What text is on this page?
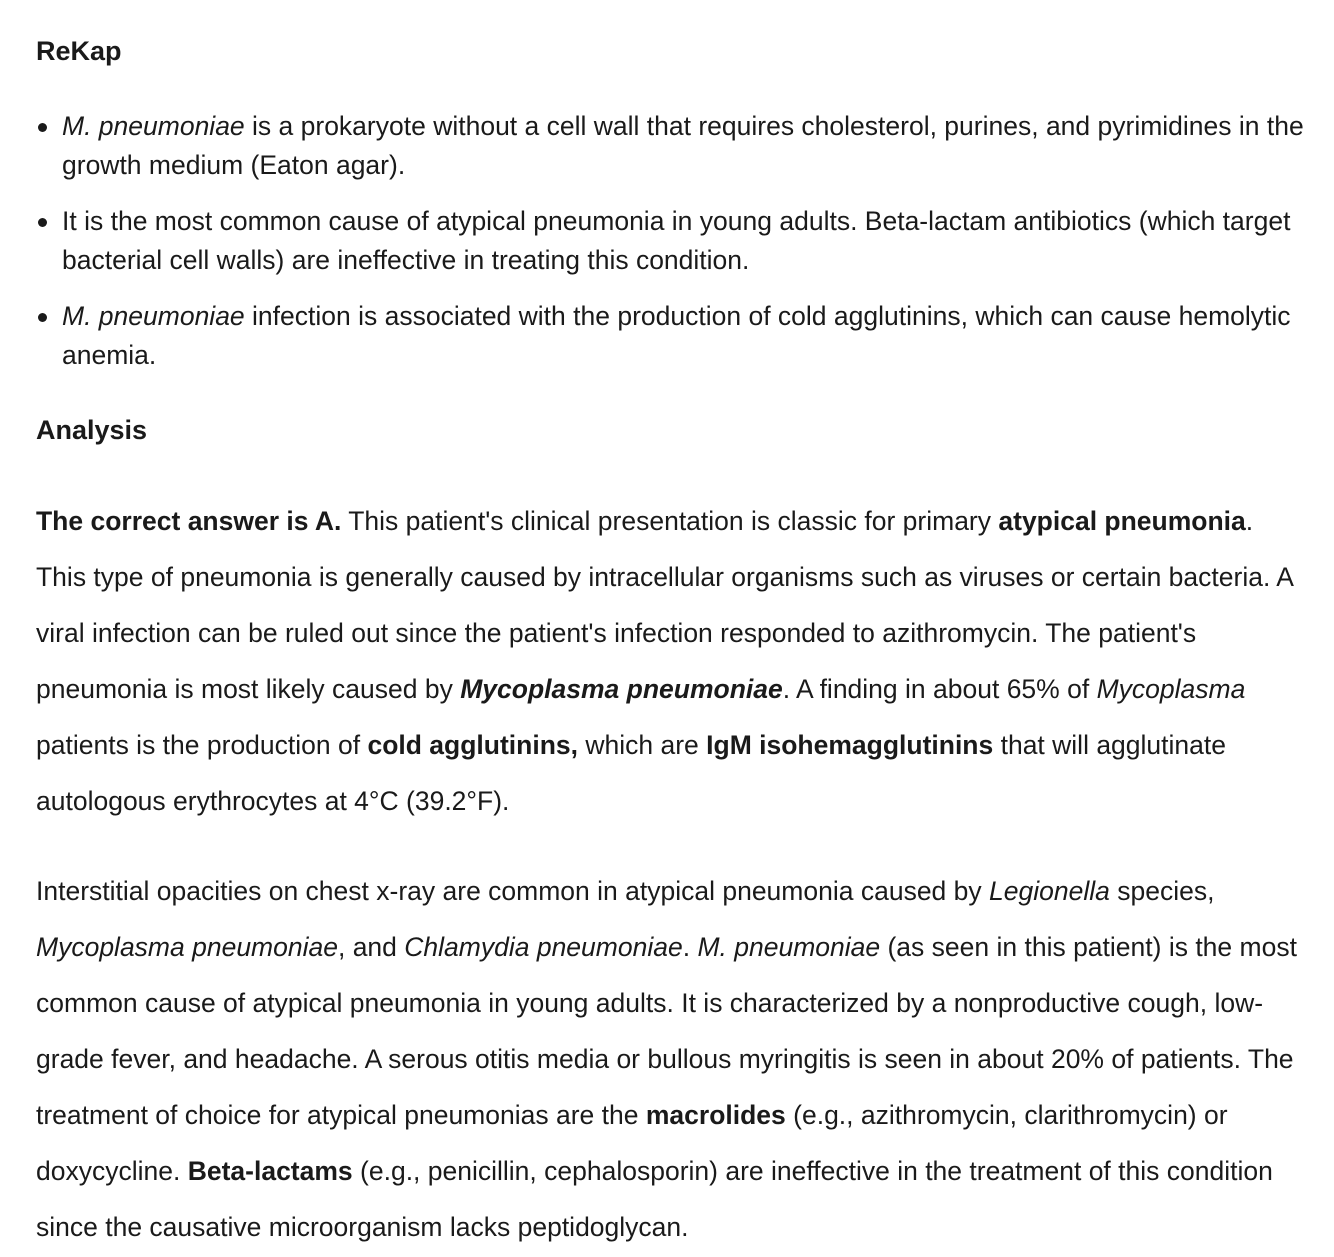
ReKap
M. pneumoniae is a prokaryote without a cell wall that requires cholesterol, purines, and pyrimidines in the growth medium (Eaton agar).
It is the most common cause of atypical pneumonia in young adults. Beta-lactam antibiotics (which target bacterial cell walls) are ineffective in treating this condition.
M. pneumoniae infection is associated with the production of cold agglutinins, which can cause hemolytic anemia.
Analysis

The correct answer is A. This patient's clinical presentation is classic for primary atypical pneumonia. This type of pneumonia is generally caused by intracellular organisms such as viruses or certain bacteria. A viral infection can be ruled out since the patient's infection responded to azithromycin. The patient's pneumonia is most likely caused by Mycoplasma pneumoniae. A finding in about 65% of Mycoplasma patients is the production of cold agglutinins, which are IgM isohemagglutinins that will agglutinate autologous erythrocytes at 4°C (39.2°F).

Interstitial opacities on chest x-ray are common in atypical pneumonia caused by Legionella species, Mycoplasma pneumoniae, and Chlamydia pneumoniae. M. pneumoniae (as seen in this patient) is the most common cause of atypical pneumonia in young adults. It is characterized by a nonproductive cough, low-grade fever, and headache. A serous otitis media or bullous myringitis is seen in about 20% of patients. The treatment of choice for atypical pneumonias are the macrolides (e.g., azithromycin, clarithromycin) or doxycycline. Beta-lactams (e.g., penicillin, cephalosporin) are ineffective in the treatment of this condition since the causative microorganism lacks peptidoglycan.
